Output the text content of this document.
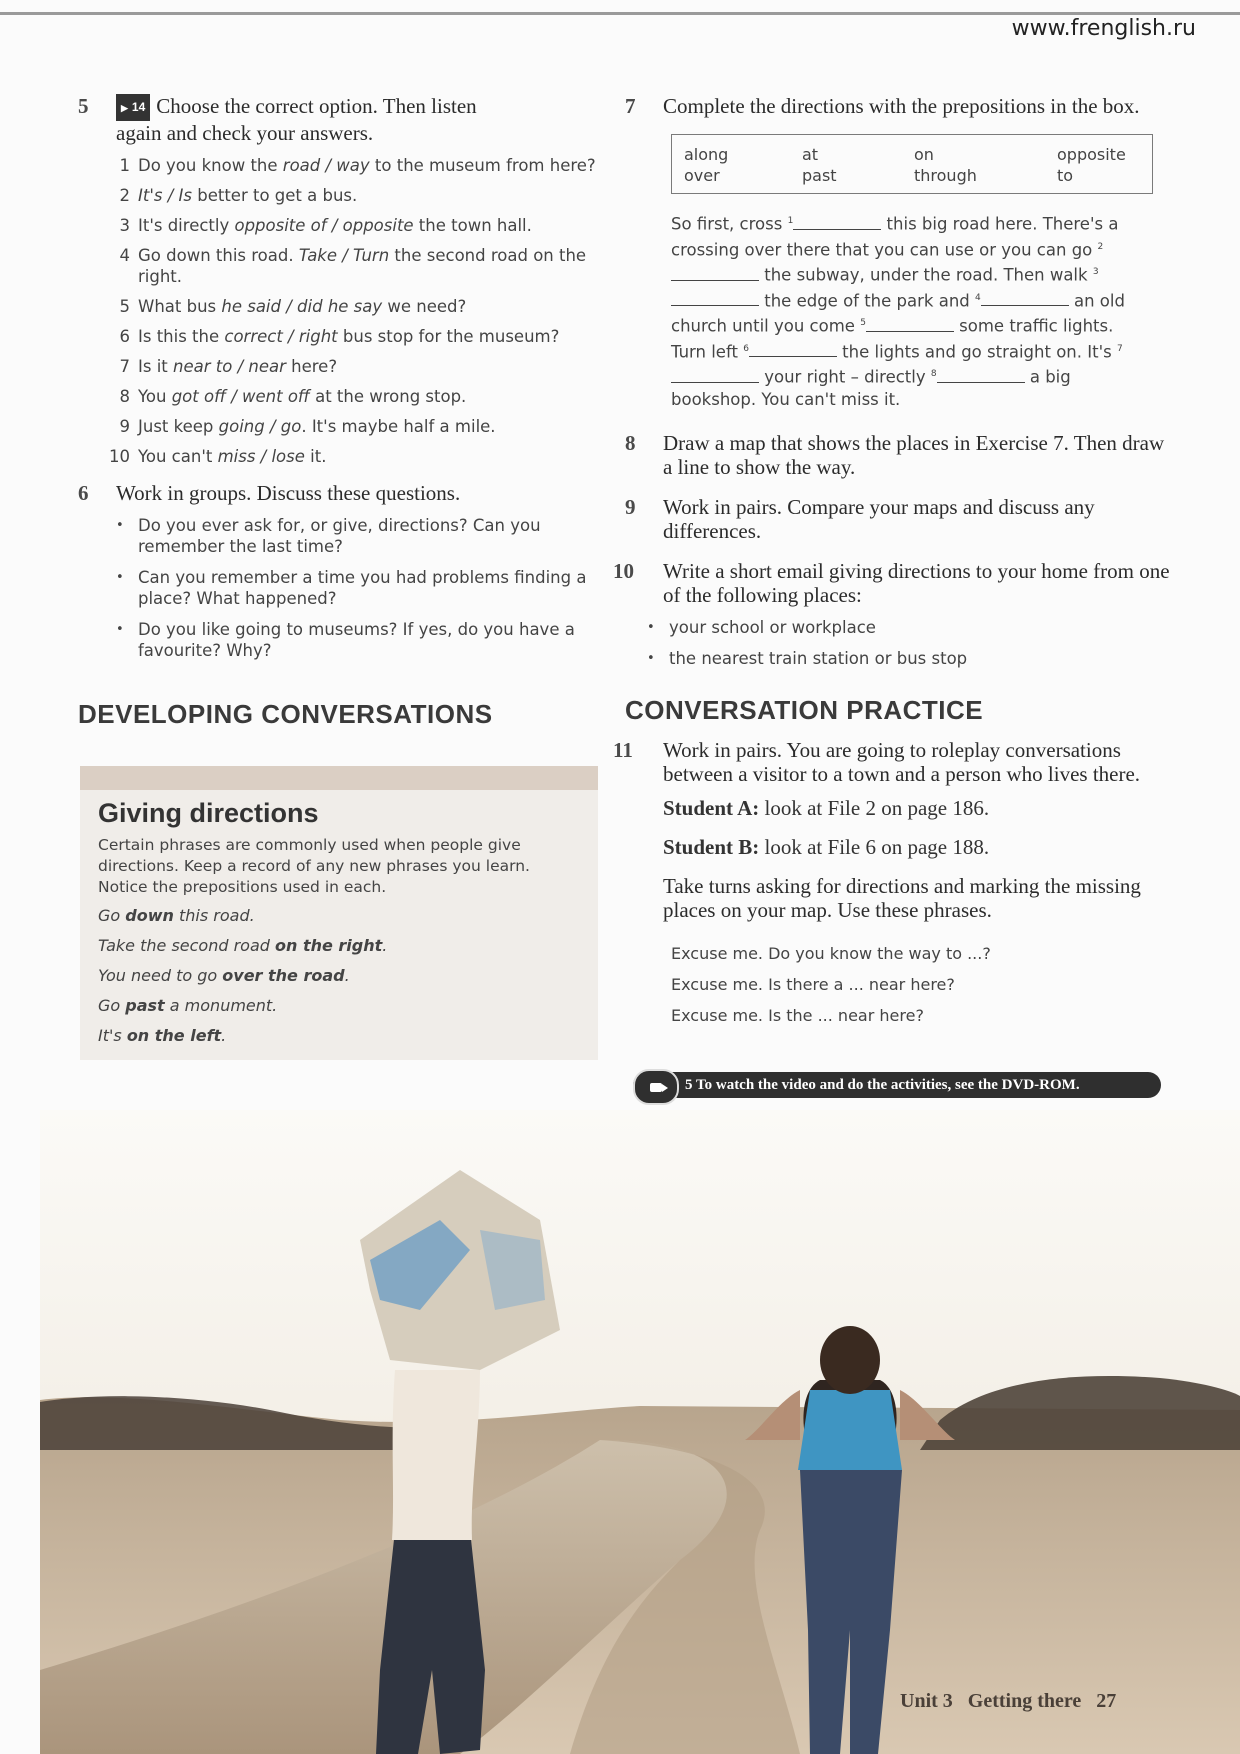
www.frenglish.ru
5	▶ 14 Choose the correct option. Then listen
again and check your answers.
1 Do you know the road / way to the museum from here?
2 It's / Is better to get a bus.
3 It's directly opposite of / opposite the town hall.
4 Go down this road. Take / Turn the second road on the right.
5 What bus he said / did he say we need?
6 Is this the correct / right bus stop for the museum?
7 Is it near to / near here?
8 You got off / went off at the wrong stop.
9 Just keep going / go. It's maybe half a mile.
10 You can't miss / lose it.
6 Work in groups. Discuss these questions.
• Do you ever ask for, or give, directions? Can you remember the last time?
• Can you remember a time you had problems finding a place? What happened?
• Do you like going to museums? If yes, do you have a favourite? Why?
DEVELOPING CONVERSATIONS
Giving directions

Certain phrases are commonly used when people give directions. Keep a record of any new phrases you learn. Notice the prepositions used in each.

Go down this road.

Take the second road on the right.

You need to go over the road.

Go past a monument.

It's on the left.

7 Complete the directions with the prepositions in the box.
along
over
at
past
on
through
opposite
to

So first, cross $^1$	this big road here. There's a crossing over there that you can use or you can go $^2$ the subway, under the road. Then walk $^3$ the edge of the park and $^4$	an old church until you come $^5$	some traffic lights. Turn left $^6$	the lights and go straight on. It's $^7$ your right – directly $^8$	a big bookshop. You can't miss it.

8 Draw a map that shows the places in Exercise 7. Then draw a line to show the way.
9 Work in pairs. Compare your maps and discuss any differences.
10 Write a short email giving directions to your home from one of the following places:
• your school or workplace
• the nearest train station or bus stop
CONVERSATION PRACTICE
11 Work in pairs. You are going to roleplay conversations between a visitor to a town and a person who lives there.

Student A: look at File 2 on page 186.

Student B: look at File 6 on page 188.

Take turns asking for directions and marking the missing places on your map. Use these phrases.
Excuse me. Do you know the way to ...?
Excuse me. Is there a ... near here?
Excuse me. Is the ... near here?
5 To watch the video and do the activities, see the DVD-ROM.
Unit 3 Getting there 27
